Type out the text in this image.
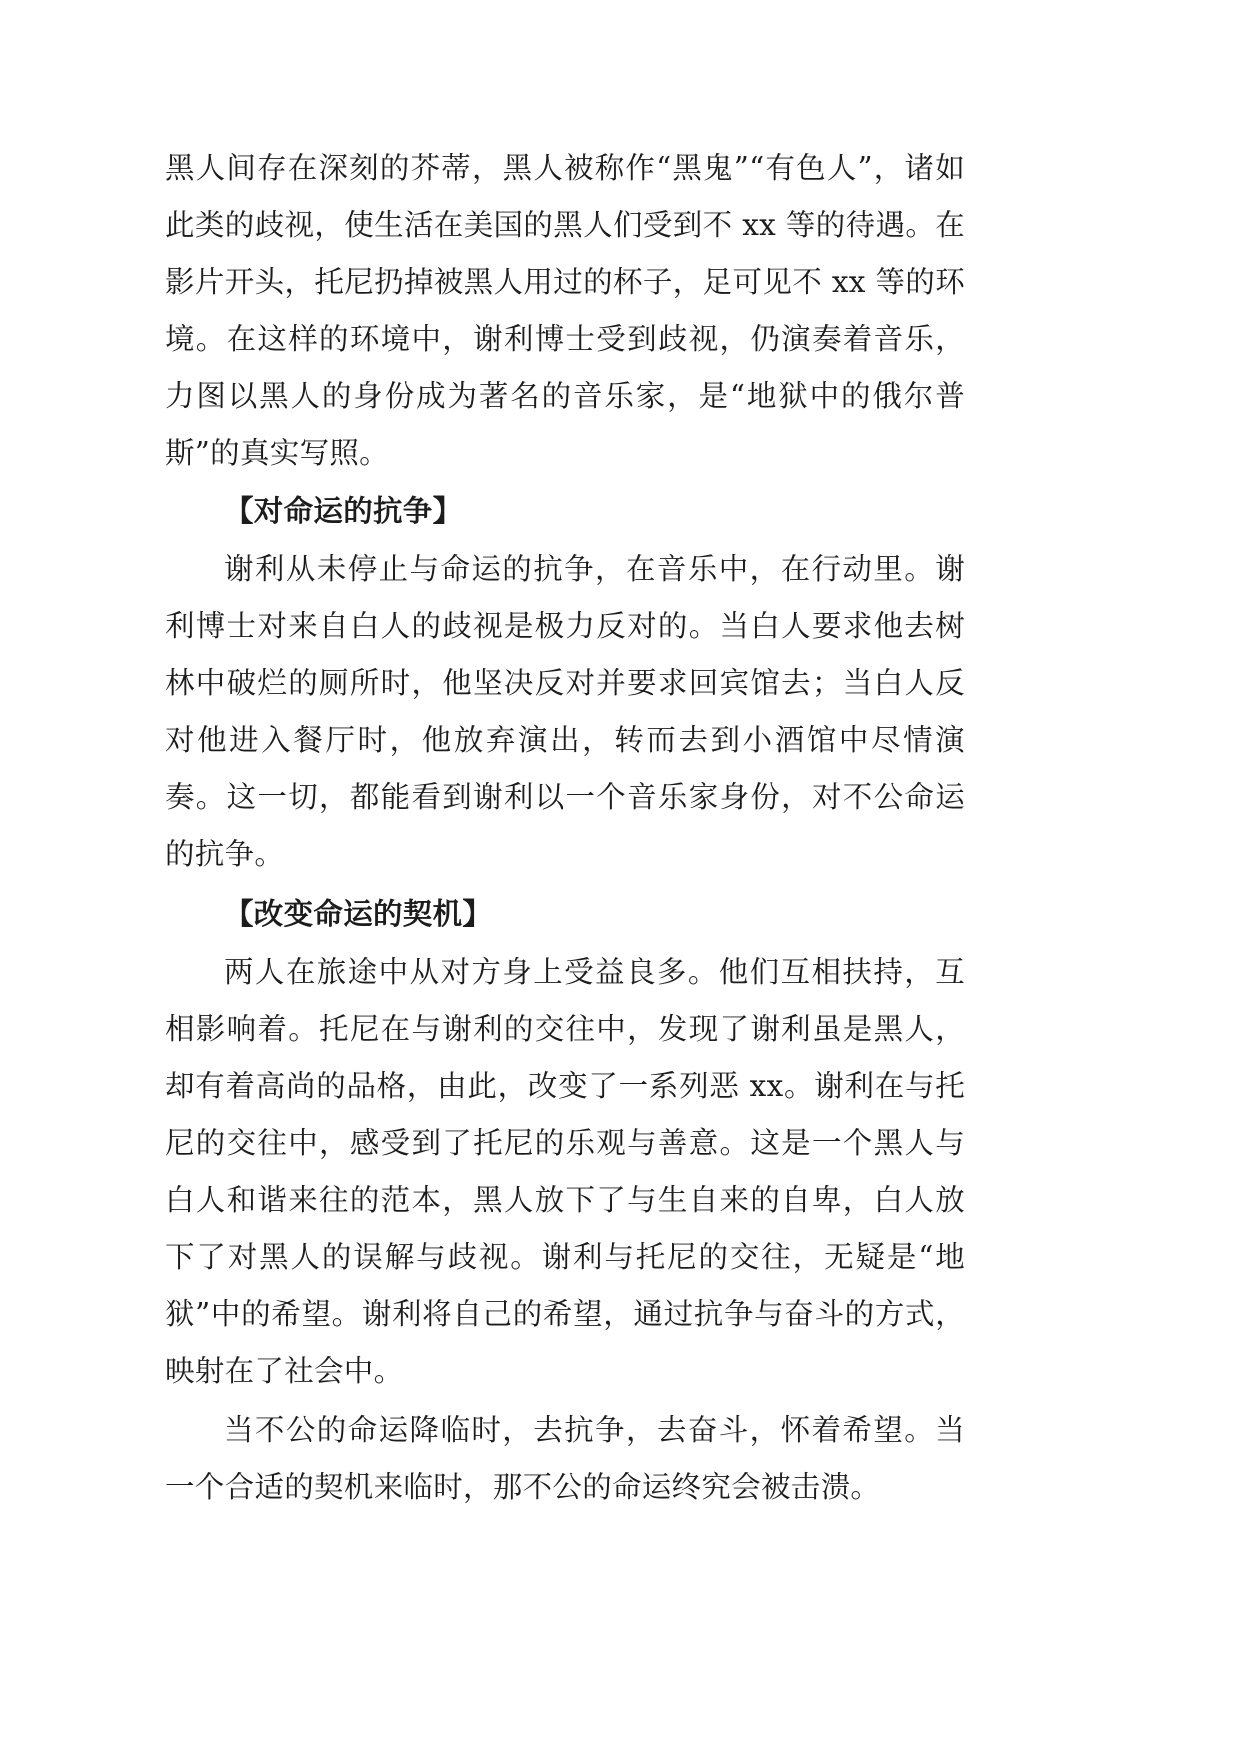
黑人间存在深刻的芥蒂，黑人被称作“黑鬼”“有色人”，诸如此类的歧视，使生活在美国的黑人们受到不 xx 等的待遇。在影片开头，托尼扔掉被黑人用过的杯子，足可见不 xx 等的环境。在这样的环境中，谢利博士受到歧视，仍演奏着音乐，力图以黑人的身份成为著名的音乐家，是“地狱中的俄尔普斯”的真实写照。

【对命运的抗争】

谢利从未停止与命运的抗争，在音乐中，在行动里。谢利博士对来自白人的歧视是极力反对的。当白人要求他去树林中破烂的厕所时，他坚决反对并要求回宾馆去；当白人反对他进入餐厅时，他放弃演出，转而去到小酒馆中尽情演奏。这一切，都能看到谢利以一个音乐家身份，对不公命运的抗争。

【改变命运的契机】

两人在旅途中从对方身上受益良多。他们互相扶持，互相影响着。托尼在与谢利的交往中，发现了谢利虽是黑人，却有着高尚的品格，由此，改变了一系列恶 xx。谢利在与托尼的交往中，感受到了托尼的乐观与善意。这是一个黑人与白人和谐来往的范本，黑人放下了与生自来的自卑，白人放下了对黑人的误解与歧视。谢利与托尼的交往，无疑是“地狱”中的希望。谢利将自己的希望，通过抗争与奋斗的方式，映射在了社会中。

当不公的命运降临时，去抗争，去奋斗，怀着希望。当一个合适的契机来临时，那不公的命运终究会被击溃。
